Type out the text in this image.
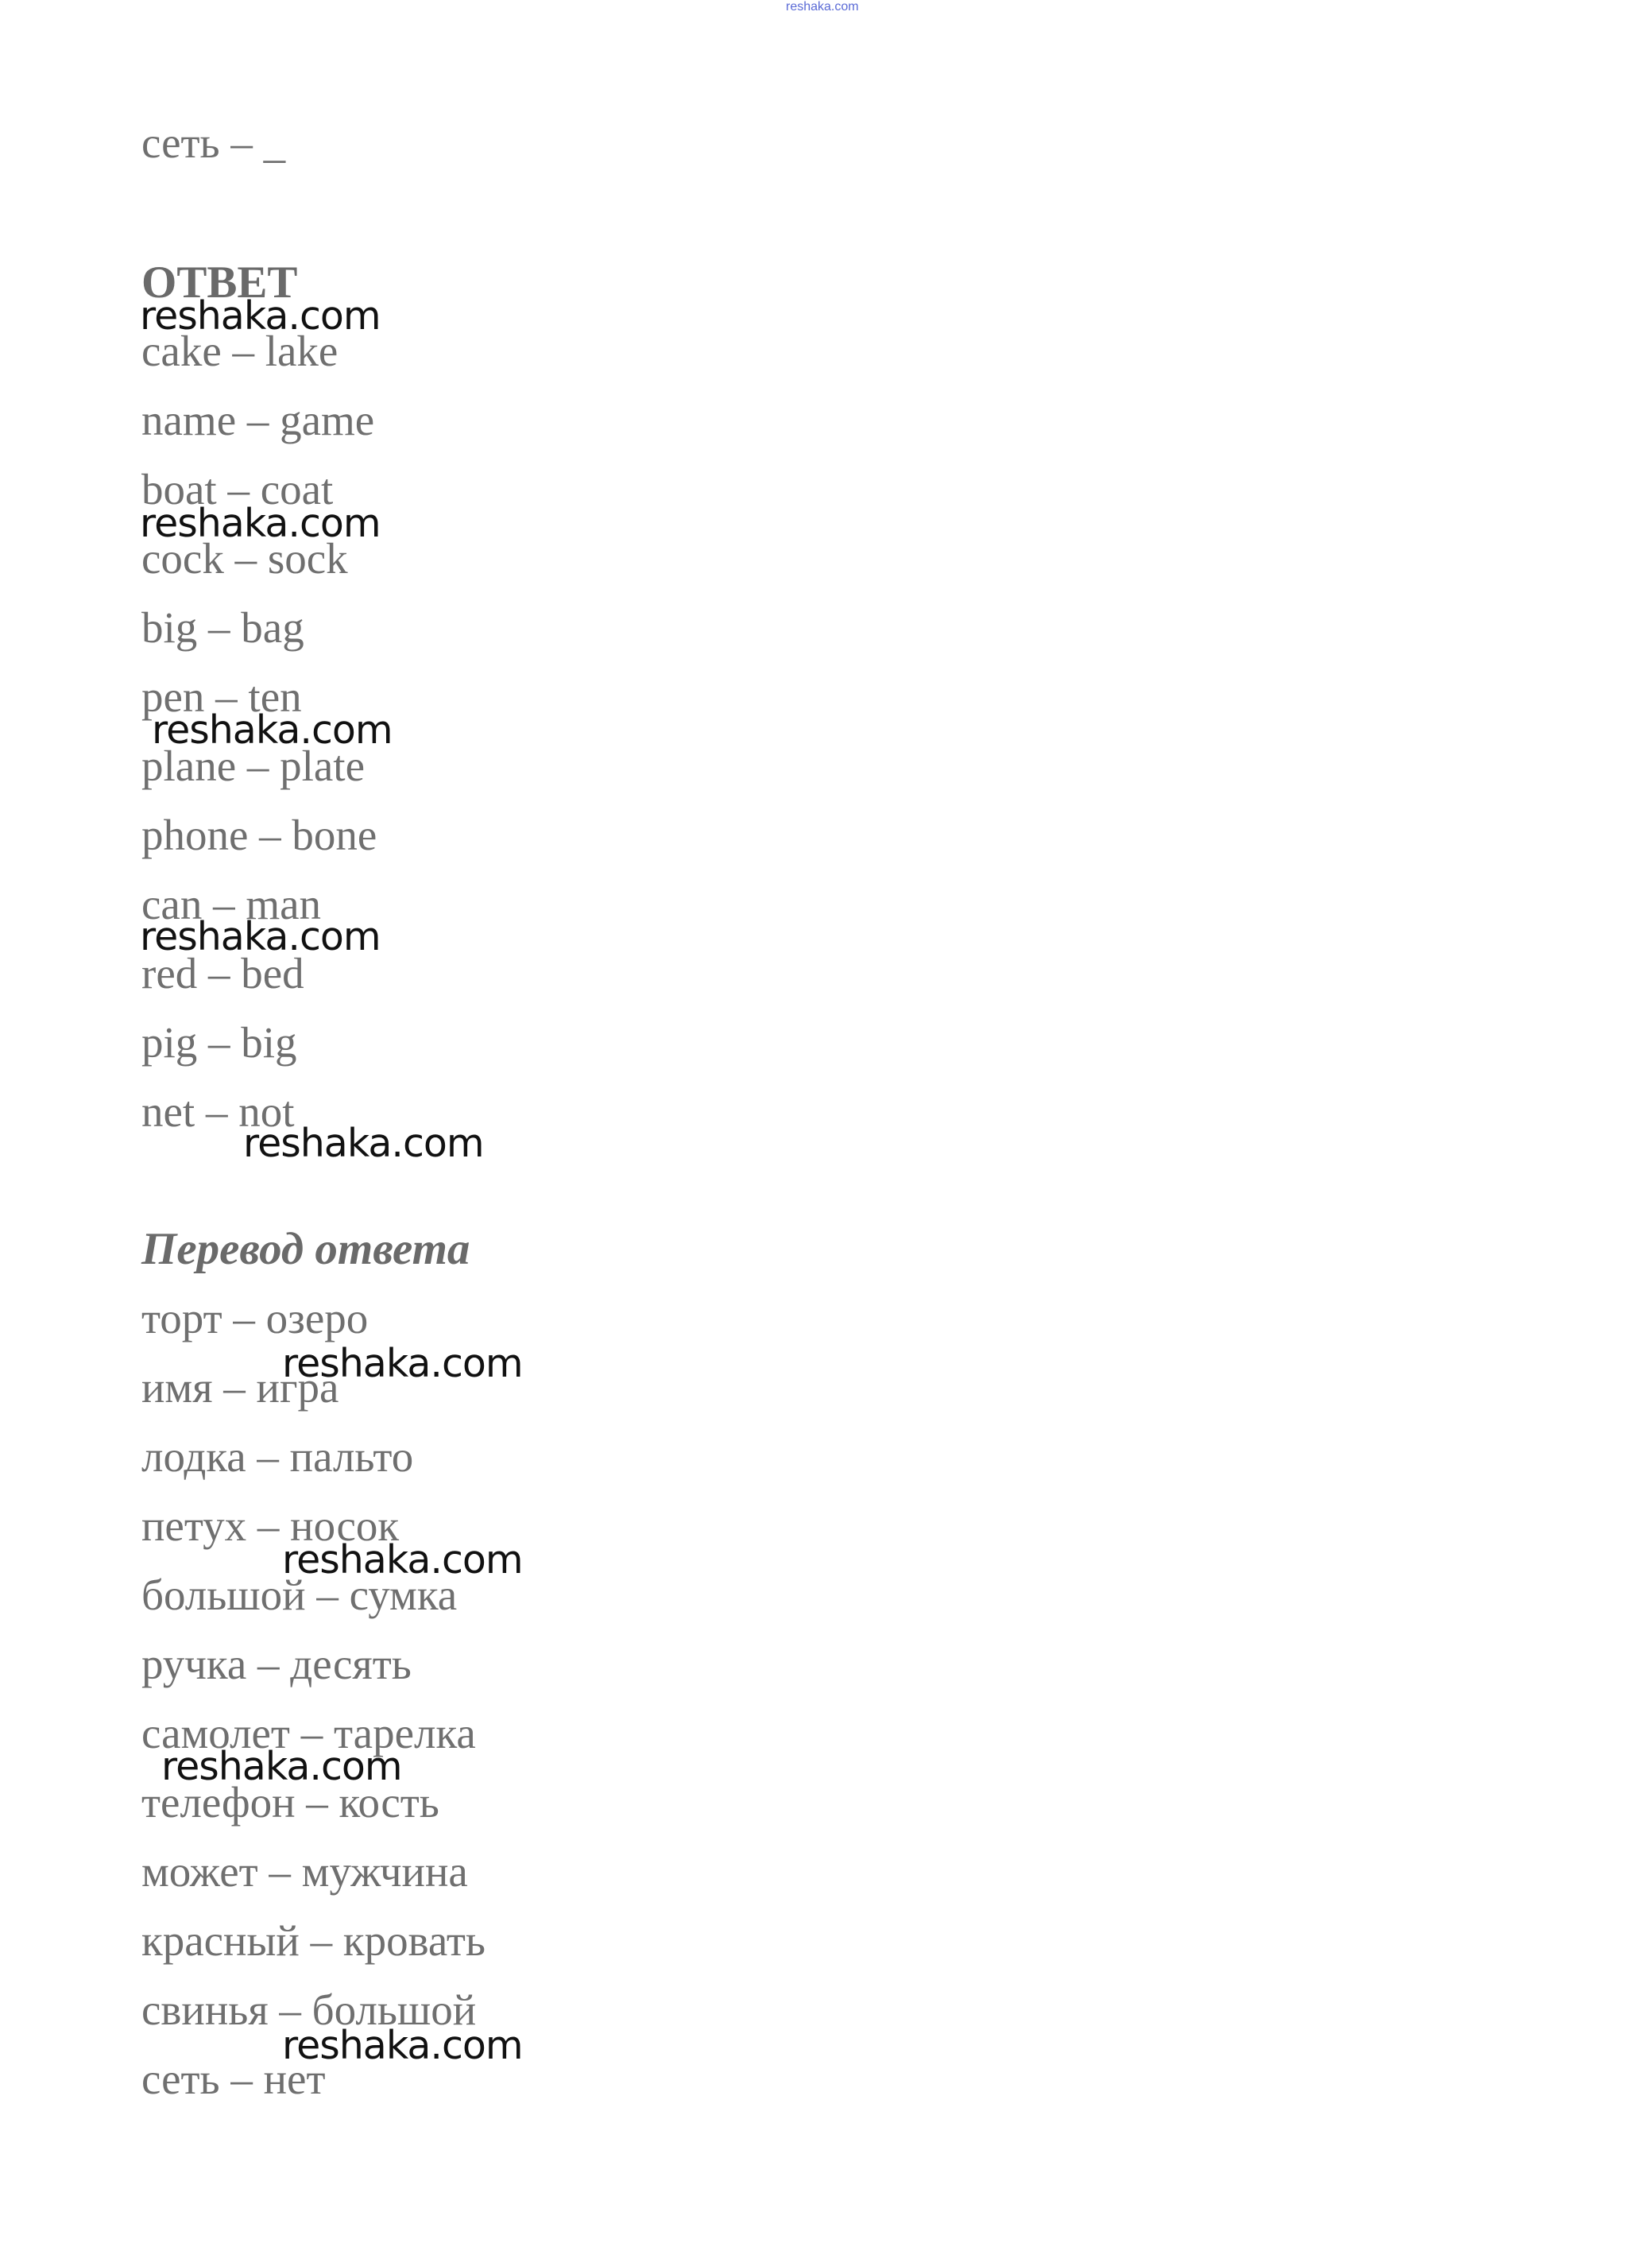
reshaka.com
сеть – _
ОТВЕТ
cake – lake
name – game
boat – coat
cock – sock
big – bag
pen – ten
plane – plate
phone – bone
can – man
red – bed
pig – big
net – not
Перевод ответа
торт – озеро
имя – игра
лодка – пальто
петух – носок
большой – сумка
ручка – десять
самолет – тарелка
телефон – кость
может – мужчина
красный – кровать
свинья – большой
сеть – нет
reshaka.com
reshaka.com
reshaka.com
reshaka.com
reshaka.com
reshaka.com
reshaka.com
reshaka.com
reshaka.com
